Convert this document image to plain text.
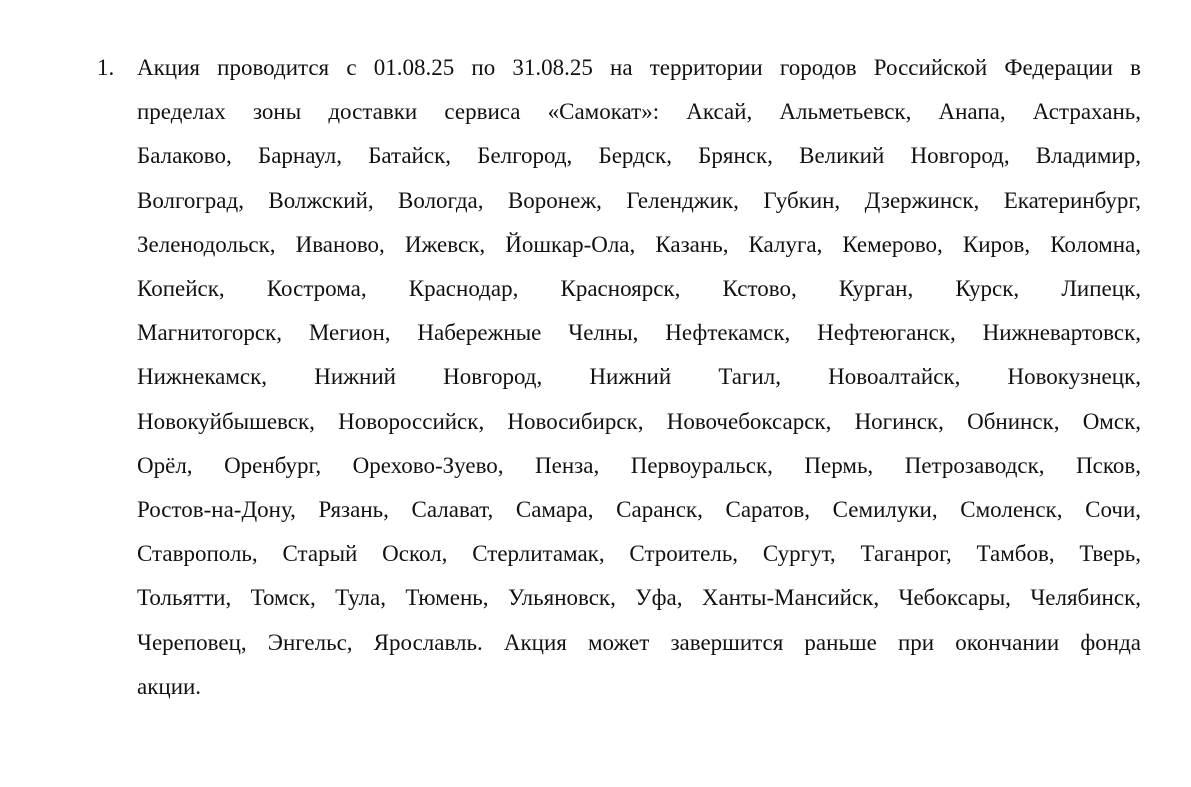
1. Акция проводится с 01.08.25 по 31.08.25 на территории городов Российской Федерации в
пределах зоны доставки сервиса «Самокат»: Аксай, Альметьевск, Анапа, Астрахань,
Балаково, Барнаул, Батайск, Белгород, Бердск, Брянск, Великий Новгород, Владимир,
Волгоград, Волжский, Вологда, Воронеж, Геленджик, Губкин, Дзержинск, Екатеринбург,
Зеленодольск, Иваново, Ижевск, Йошкар-Ола, Казань, Калуга, Кемерово, Киров, Коломна,
Копейск, Кострома, Краснодар, Красноярск, Кстово, Курган, Курск, Липецк,
Магнитогорск, Мегион, Набережные Челны, Нефтекамск, Нефтеюганск, Нижневартовск,
Нижнекамск, Нижний Новгород, Нижний Тагил, Новоалтайск, Новокузнецк,
Новокуйбышевск, Новороссийск, Новосибирск, Новочебоксарск, Ногинск, Обнинск, Омск,
Орёл, Оренбург, Орехово-Зуево, Пенза, Первоуральск, Пермь, Петрозаводск, Псков,
Ростов-на-Дону, Рязань, Салават, Самара, Саранск, Саратов, Семилуки, Смоленск, Сочи,
Ставрополь, Старый Оскол, Стерлитамак, Строитель, Сургут, Таганрог, Тамбов, Тверь,
Тольятти, Томск, Тула, Тюмень, Ульяновск, Уфа, Ханты-Мансийск, Чебоксары, Челябинск,
Череповец, Энгельс, Ярославль. Акция может завершится раньше при окончании фонда
акции.
